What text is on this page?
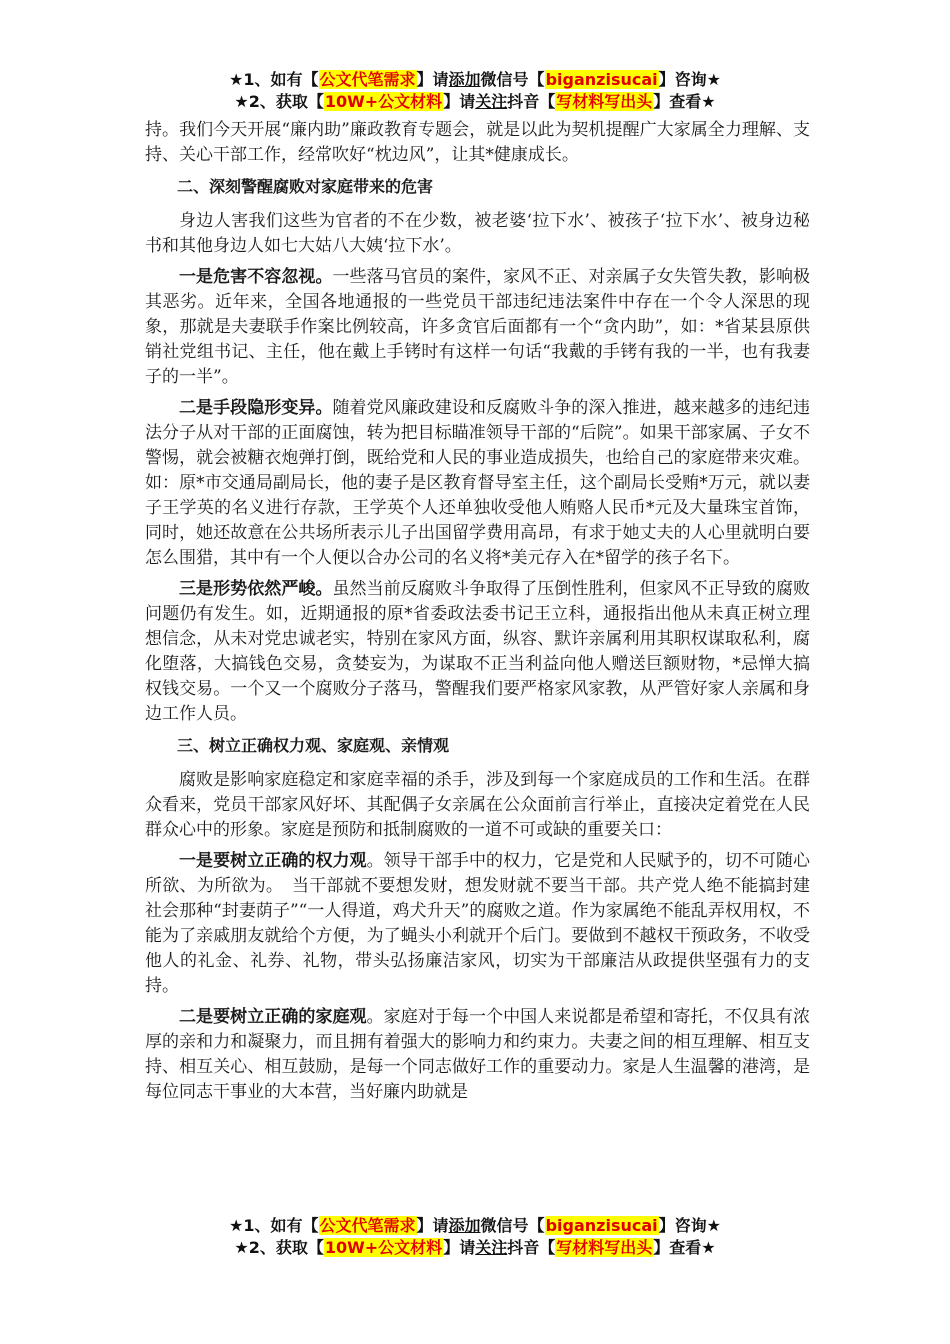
★1、如有【公文代笔需求】请添加微信号【biganzisucai】咨询★
★2、获取【10W+公文材料】请关注抖音【写材料写出头】查看★

持。我们今天开展“廉内助”廉政教育专题会，就是以此为契机提醒广大家属全力理解、支持、关心干部工作，经常吹好“枕边风”，让其*健康成长。

二、深刻警醒腐败对家庭带来的危害

身边人害我们这些为官者的不在少数，被老婆‘拉下水’、被孩子‘拉下水’、被身边秘书和其他身边人如七大姑八大姨‘拉下水’。

一是危害不容忽视。一些落马官员的案件，家风不正、对亲属子女失管失教，影响极其恶劣。近年来，全国各地通报的一些党员干部违纪违法案件中存在一个令人深思的现象，那就是夫妻联手作案比例较高，许多贪官后面都有一个“贪内助”，如：*省某县原供销社党组书记、主任，他在戴上手铐时有这样一句话“我戴的手铐有我的一半，也有我妻子的一半”。

二是手段隐形变异。随着党风廉政建设和反腐败斗争的深入推进，越来越多的违纪违法分子从对干部的正面腐蚀，转为把目标瞄准领导干部的“后院”。如果干部家属、子女不警惕，就会被糖衣炮弹打倒，既给党和人民的事业造成损失，也给自己的家庭带来灾难。如：原*市交通局副局长，他的妻子是区教育督导室主任，这个副局长受贿*万元，就以妻子王学英的名义进行存款，王学英个人还单独收受他人贿赂人民币*元及大量珠宝首饰，同时，她还故意在公共场所表示儿子出国留学费用高昂，有求于她丈夫的人心里就明白要怎么围猎，其中有一个人便以合办公司的名义将*美元存入在*留学的孩子名下。

三是形势依然严峻。虽然当前反腐败斗争取得了压倒性胜利，但家风不正导致的腐败问题仍有发生。如，近期通报的原*省委政法委书记王立科，通报指出他从未真正树立理想信念，从未对党忠诚老实，特别在家风方面，纵容、默许亲属利用其职权谋取私利，腐化堕落，大搞钱色交易，贪婪妄为，为谋取不正当利益向他人赠送巨额财物，*忌惮大搞权钱交易。一个又一个腐败分子落马，警醒我们要严格家风家教，从严管好家人亲属和身边工作人员。

三、树立正确权力观、家庭观、亲情观

腐败是影响家庭稳定和家庭幸福的杀手，涉及到每一个家庭成员的工作和生活。在群众看来，党员干部家风好坏、其配偶子女亲属在公众面前言行举止，直接决定着党在人民群众心中的形象。家庭是预防和抵制腐败的一道不可或缺的重要关口：

一是要树立正确的权力观。领导干部手中的权力，它是党和人民赋予的，切不可随心所欲、为所欲为。　当干部就不要想发财，想发财就不要当干部。共产党人绝不能搞封建社会那种“封妻荫子”“一人得道，鸡犬升天”的腐败之道。作为家属绝不能乱弄权用权，不能为了亲戚朋友就给个方便，为了蝇头小利就开个后门。要做到不越权干预政务，不收受他人的礼金、礼券、礼物，带头弘扬廉洁家风，切实为干部廉洁从政提供坚强有力的支持。

二是要树立正确的家庭观。家庭对于每一个中国人来说都是希望和寄托，不仅具有浓厚的亲和力和凝聚力，而且拥有着强大的影响力和约束力。夫妻之间的相互理解、相互支持、相互关心、相互鼓励，是每一个同志做好工作的重要动力。家是人生温馨的港湾，是每位同志干事业的大本营，当好廉内助就是

★1、如有【公文代笔需求】请添加微信号【biganzisucai】咨询★
★2、获取【10W+公文材料】请关注抖音【写材料写出头】查看★
